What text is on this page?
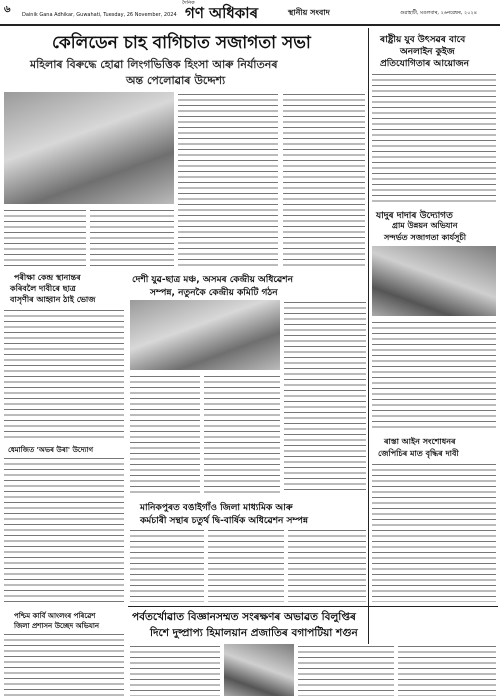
৬ Dainik Gana Adhikar, Guwahati, Tuesday, 26 November, 2024
দৈনিক
গণ অধিকাৰ	স্থানীয় সংবাদ	গুৱাহাটী, মঙলবাৰ, ২৬নৱেম্বৰ, ২০২৪
কেলিডেন চাহ বাগিচাত সজাগতা সভা
মহিলাৰ বিৰুদ্ধে হোৱা লিংগভিত্তিক হিংসা আৰু নিৰ্যাতনৰ
অন্ত পেলোৱাৰ উদ্দেশ্য
ৰাষ্ট্ৰীয় যুব উৎসৱৰ বাবে
অনলাইন কুইজ
প্ৰতিযোগিতাৰ আয়োজন
যাদুৰ দাদাৰ উদ্যোগত
গ্ৰাম উন্নয়ন অভিযান
সন্দৰ্ভত সজাগতা কাৰ্যসূচী
পৰীক্ষা কেন্দ্ৰ স্থানান্তৰ
কৰিবলৈ দাবীৰে ছাত্ৰ
বাসৃণীৰ আহ্বান ঠাই ভোজ
দেশী যুৱ-ছাত্ৰ মঞ্চ, অসমৰ কেন্দ্ৰীয় অধিৱেশন
সম্পন্ন, নতুনকৈ কেন্দ্ৰীয় কমিটি গঠন
ধেমাজিত 'অভৰ উৰা' উদ্যোগ
ৰাস্তা আইন সংশোধনৰ
জেপিচিৰ মাত বৃদ্ধিৰ দাবী
মানিকপুৰত বঙাইগাঁও জিলা মাধ্যমিক আৰু
কৰ্মচাৰী সন্থাৰ চতুৰ্থ দ্বি-বাৰ্ষিক অধিৱেশন সম্পন্ন
পশ্চিম কাৰ্বি আংলংৰ পৰিৱেশ
জিলা প্ৰশাসন উচ্ছেদ অভিযান
পৰ্বতৰ্খোৱাত বিজ্ঞানসম্মত সংৰক্ষণৰ অভাৱত বিলুপ্তিৰ
দিশে দুষ্প্ৰাপ্য হিমালয়ান প্ৰজাতিৰ বগাপটিয়া শগুন
